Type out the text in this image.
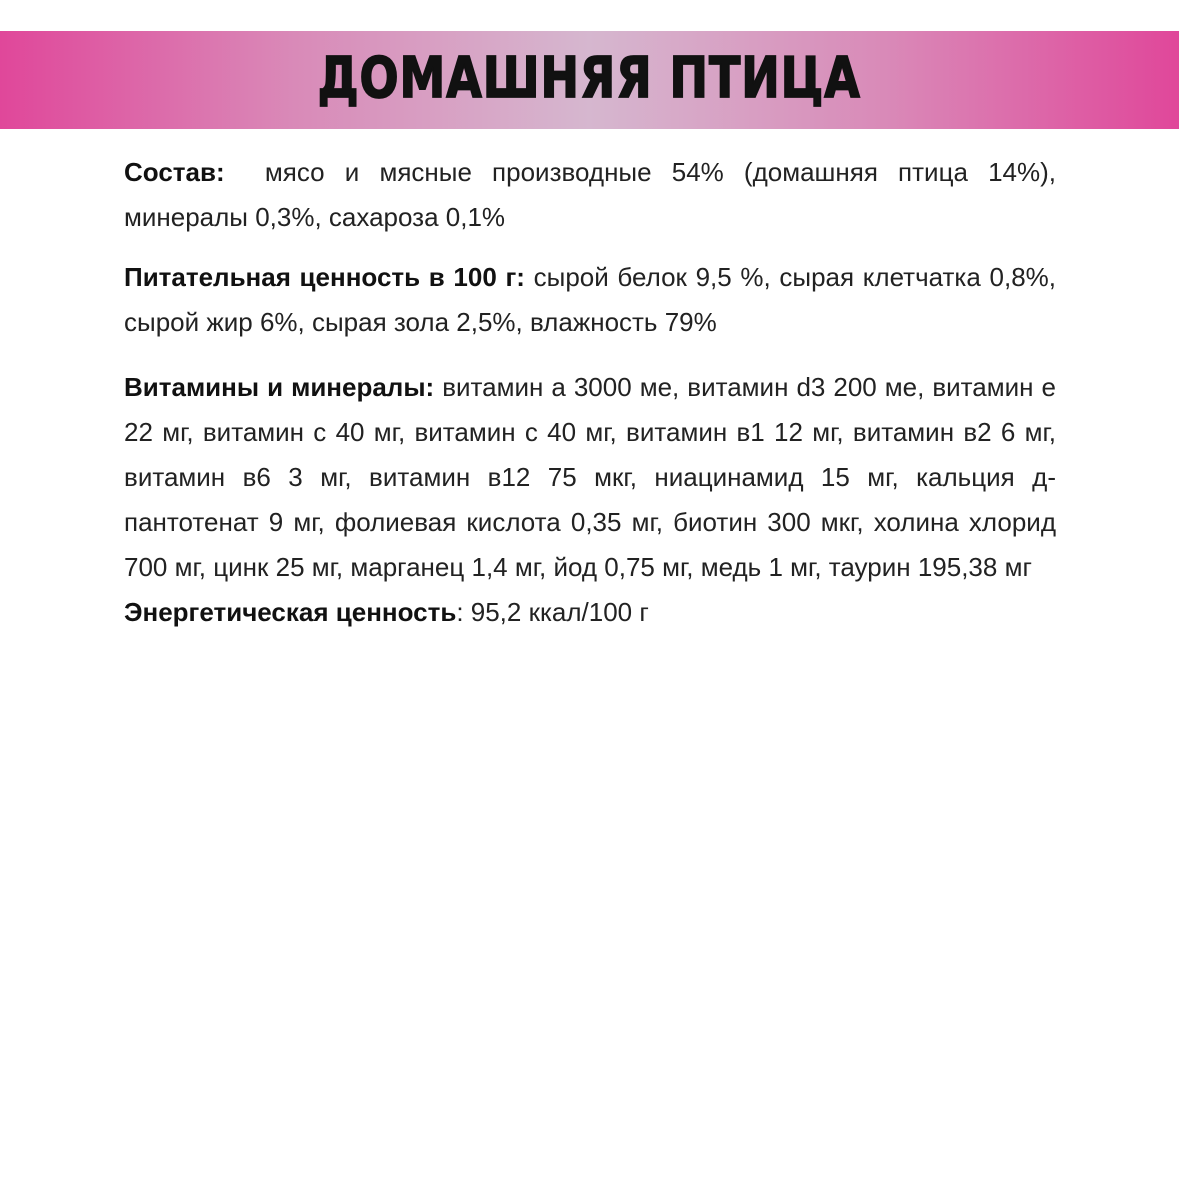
ДОМАШНЯЯ ПТИЦА

Состав: мясо и мясные производные 54% (домашняя птица 14%), минералы 0,3%, сахароза 0,1%

Питательная ценность в 100 г: сырой белок 9,5 %, сырая клетчатка 0,8%, сырой жир 6%, сырая зола 2,5%, влажность 79%

Витамины и минералы: витамин а 3000 ме, витамин d3 200 ме, витамин е 22 мг, витамин с 40 мг, витамин с 40 мг, витамин в1 12 мг, витамин в2 6 мг, витамин в6 3 мг, витамин в12 75 мкг, ниацинамид 15 мг, кальция д-пантотенат 9 мг, фолиевая кислота 0,35 мг, биотин 300 мкг, холина хлорид 700 мг, цинк 25 мг, марганец 1,4 мг, йод 0,75 мг, медь 1 мг, таурин 195,38 мг

Энергетическая ценность: 95,2 ккал/100 г
